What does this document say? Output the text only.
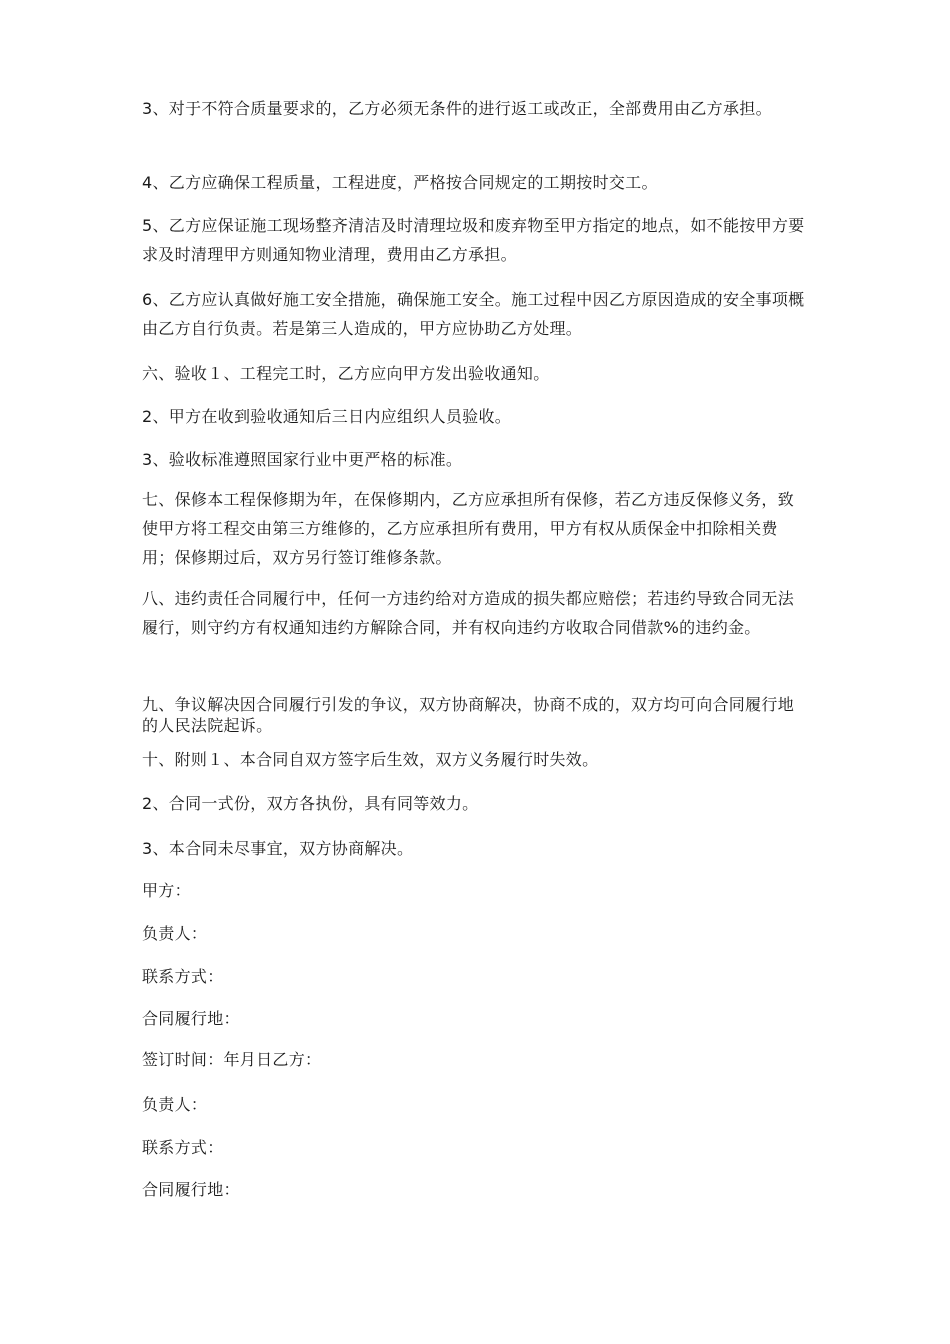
3、对于不符合质量要求的，乙方必须无条件的进行返工或改正，全部费用由乙方承担。

4、乙方应确保工程质量，工程进度，严格按合同规定的工期按时交工。

5、乙方应保证施工现场整齐清洁及时清理垃圾和废弃物至甲方指定的地点，如不能按甲方要求及时清理甲方则通知物业清理，费用由乙方承担。

6、乙方应认真做好施工安全措施，确保施工安全。施工过程中因乙方原因造成的安全事项概由乙方自行负责。若是第三人造成的，甲方应协助乙方处理。

六、验收１、工程完工时，乙方应向甲方发出验收通知。

2、甲方在收到验收通知后三日内应组织人员验收。

3、验收标准遵照国家行业中更严格的标准。

七、保修本工程保修期为年，在保修期内，乙方应承担所有保修，若乙方违反保修义务，致使甲方将工程交由第三方维修的，乙方应承担所有费用，甲方有权从质保金中扣除相关费用；保修期过后，双方另行签订维修条款。

八、违约责任合同履行中，任何一方违约给对方造成的损失都应赔偿；若违约导致合同无法履行，则守约方有权通知违约方解除合同，并有权向违约方收取合同借款%的违约金。

九、争议解决因合同履行引发的争议，双方协商解决，协商不成的，双方均可向合同履行地的人民法院起诉。

十、附则１、本合同自双方签字后生效，双方义务履行时失效。

2、合同一式份，双方各执份，具有同等效力。

3、本合同未尽事宜，双方协商解决。

甲方：

负责人：

联系方式：

合同履行地：

签订时间：年月日乙方：

负责人：

联系方式：

合同履行地：
